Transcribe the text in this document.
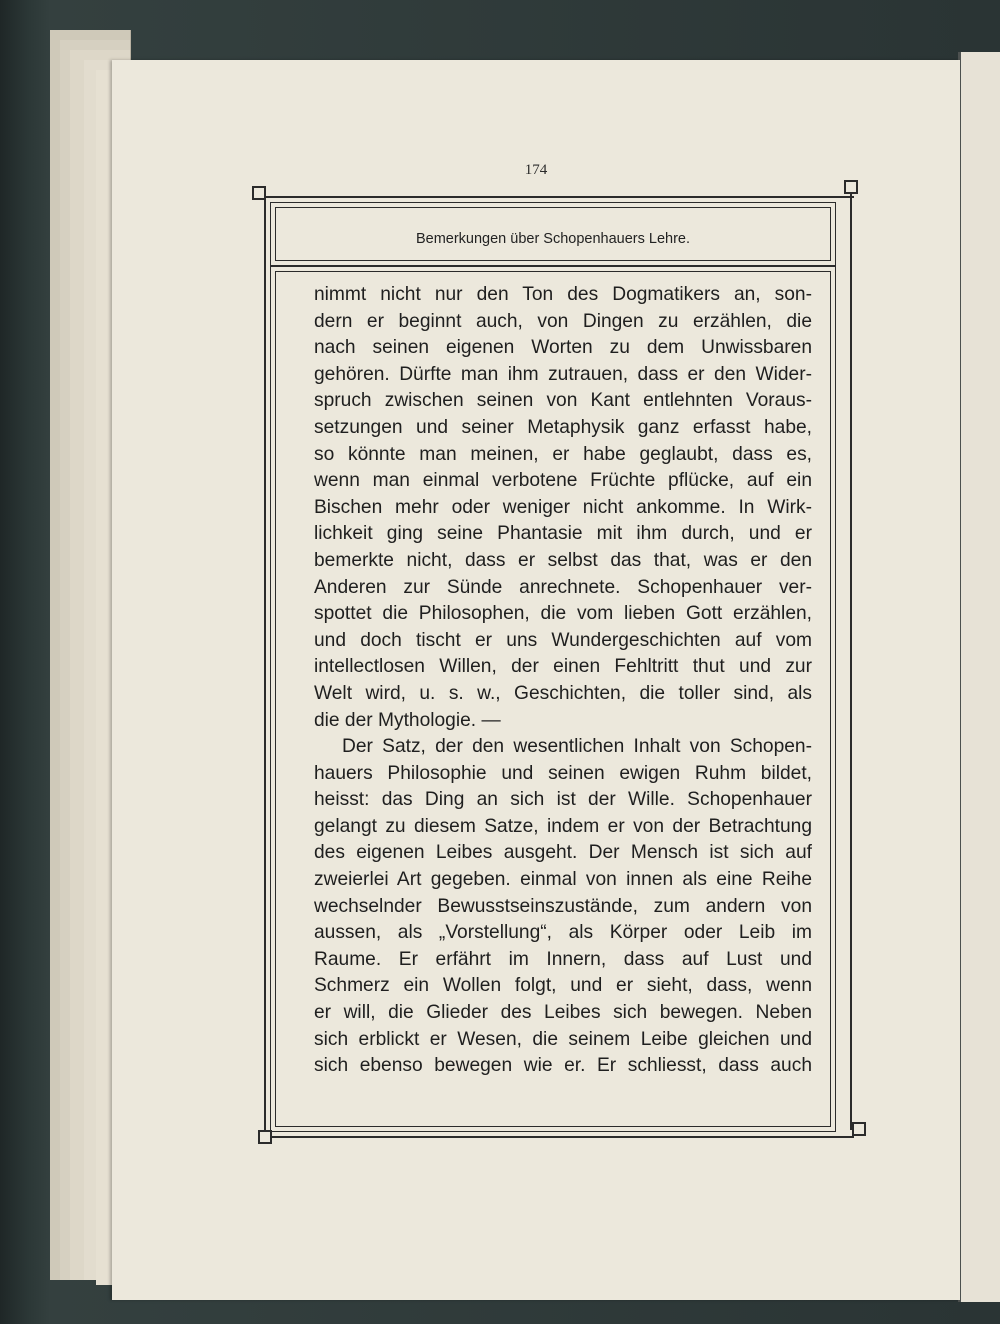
174
Bemerkungen über Schopenhauers Lehre.
nimmt nicht nur den Ton des Dogmatikers an, son-
dern er beginnt auch, von Dingen zu erzählen, die
nach seinen eigenen Worten zu dem Unwissbaren
gehören. Dürfte man ihm zutrauen, dass er den Wider-
spruch zwischen seinen von Kant entlehnten Voraus-
setzungen und seiner Metaphysik ganz erfasst habe,
so könnte man meinen, er habe geglaubt, dass es,
wenn man einmal verbotene Früchte pflücke, auf ein
Bischen mehr oder weniger nicht ankomme. In Wirk-
lichkeit ging seine Phantasie mit ihm durch, und er
bemerkte nicht, dass er selbst das that, was er den
Anderen zur Sünde anrechnete. Schopenhauer ver-
spottet die Philosophen, die vom lieben Gott erzählen,
und doch tischt er uns Wundergeschichten auf vom
intellectlosen Willen, der einen Fehltritt thut und zur
Welt wird, u. s. w., Geschichten, die toller sind, als
die der Mythologie. —
Der Satz, der den wesentlichen Inhalt von Schopen-
hauers Philosophie und seinen ewigen Ruhm bildet,
heisst: das Ding an sich ist der Wille. Schopenhauer
gelangt zu diesem Satze, indem er von der Betrachtung
des eigenen Leibes ausgeht. Der Mensch ist sich auf
zweierlei Art gegeben. einmal von innen als eine Reihe
wechselnder Bewusstseinszustände, zum andern von
aussen, als „Vorstellung“, als Körper oder Leib im
Raume. Er erfährt im Innern, dass auf Lust und
Schmerz ein Wollen folgt, und er sieht, dass, wenn
er will, die Glieder des Leibes sich bewegen. Neben
sich erblickt er Wesen, die seinem Leibe gleichen und
sich ebenso bewegen wie er. Er schliesst, dass auch
